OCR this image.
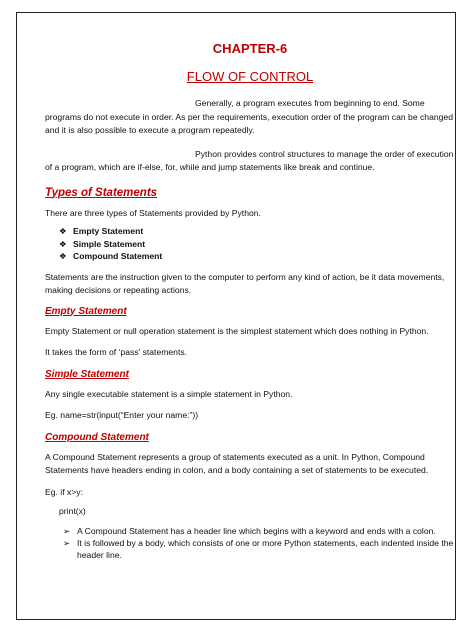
CHAPTER-6
FLOW OF CONTROL

Generally, a program executes from beginning to end. Some programs do not execute in order. As per the requirements, execution order of the program can be changed and it is also possible to execute a program repeatedly.

Python provides control structures to manage the order of execution of a program, which are if-else, for, while and jump statements like break and continue.

Types of Statements

There are three types of Statements provided by Python.

❖ Empty Statement
❖ Simple Statement
❖ Compound Statement

Statements are the instruction given to the computer to perform any kind of action, be it data movements, making decisions or repeating actions.

Empty Statement

Empty Statement or null operation statement is the simplest statement which does nothing in Python.

It takes the form of ‘pass’ statements.

Simple Statement

Any single executable statement is a simple statement in Python.

Eg. name=str(input(“Enter your name:”))

Compound Statement

A Compound Statement represents a group of statements executed as a unit. In Python, Compound Statements have headers ending in colon, and a body containing a set of statements to be executed.

Eg. if x>y:

print(x)

➢ A Compound Statement has a header line which begins with a keyword and ends with a colon.
➢ It is followed by a body, which consists of one or more Python statements, each indented inside the header line.
